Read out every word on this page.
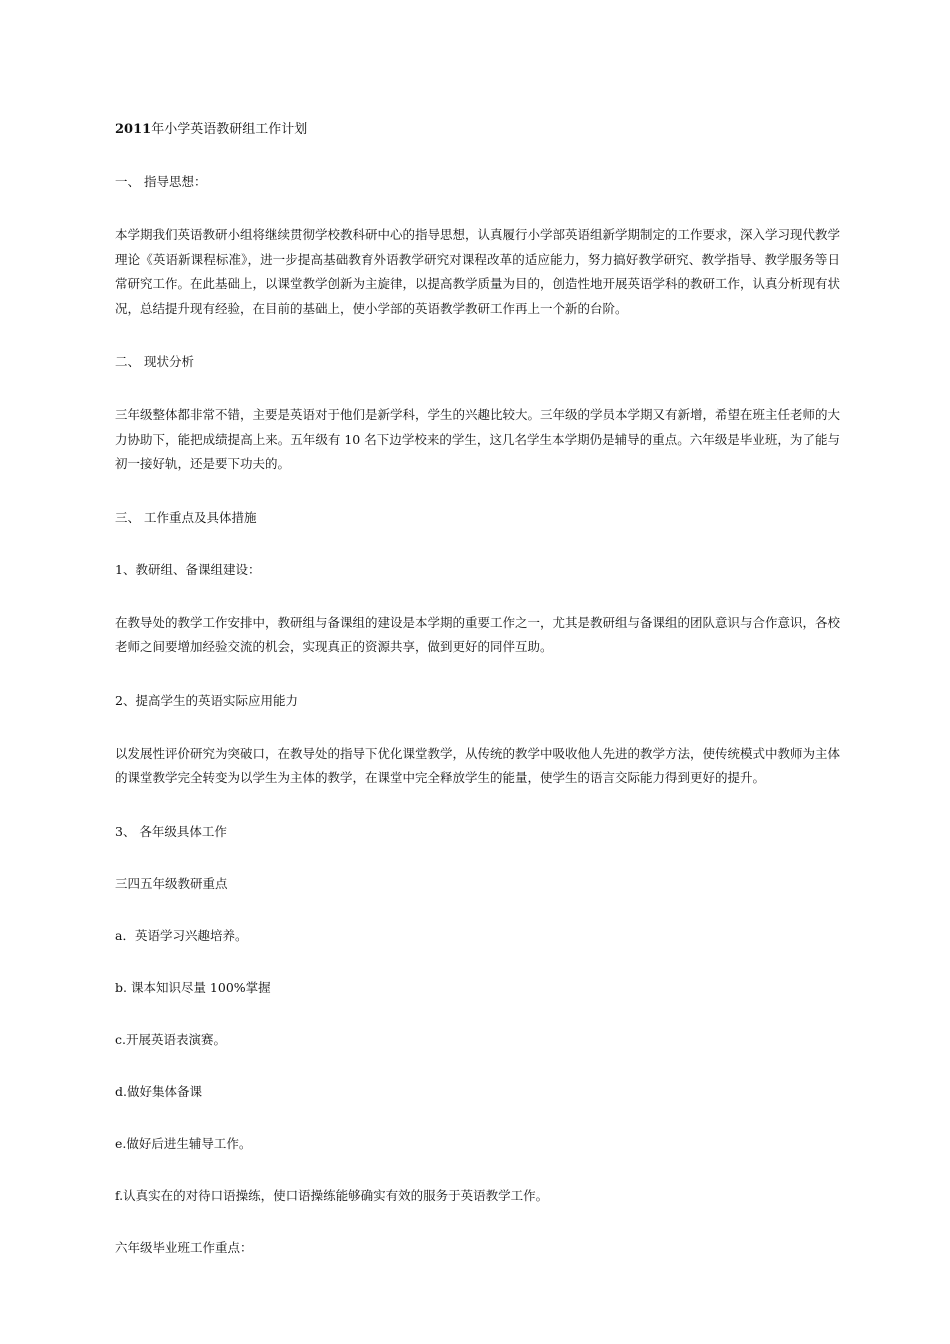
2011年小学英语教研组工作计划
一、 指导思想：
本学期我们英语教研小组将继续贯彻学校教科研中心的指导思想，认真履行小学部英语组新学期制定的工作要求，深入学习现代教学理论《英语新课程标准》，进一步提高基础教育外语教学研究对课程改革的适应能力，努力搞好教学研究、教学指导、教学服务等日常研究工作。在此基础上，以课堂教学创新为主旋律，以提高教学质量为目的，创造性地开展英语学科的教研工作，认真分析现有状况，总结提升现有经验，在目前的基础上，使小学部的英语教学教研工作再上一个新的台阶。
二、 现状分析
三年级整体都非常不错，主要是英语对于他们是新学科，学生的兴趣比较大。三年级的学员本学期又有新增，希望在班主任老师的大力协助下，能把成绩提高上来。五年级有 10 名下边学校来的学生，这几名学生本学期仍是辅导的重点。六年级是毕业班，为了能与初一接好轨，还是要下功夫的。
三、 工作重点及具体措施
1、教研组、备课组建设：
在教导处的教学工作安排中，教研组与备课组的建设是本学期的重要工作之一，尤其是教研组与备课组的团队意识与合作意识，各校老师之间要增加经验交流的机会，实现真正的资源共享，做到更好的同伴互助。
2、提高学生的英语实际应用能力
以发展性评价研究为突破口，在教导处的指导下优化课堂教学，从传统的教学中吸收他人先进的教学方法，使传统模式中教师为主体的课堂教学完全转变为以学生为主体的教学，在课堂中完全释放学生的能量，使学生的语言交际能力得到更好的提升。
3、 各年级具体工作
三四五年级教研重点
a．英语学习兴趣培养。
b. 课本知识尽量 100%掌握
c.开展英语表演赛。
d.做好集体备课
e.做好后进生辅导工作。
f.认真实在的对待口语操练，使口语操练能够确实有效的服务于英语教学工作。
六年级毕业班工作重点：
